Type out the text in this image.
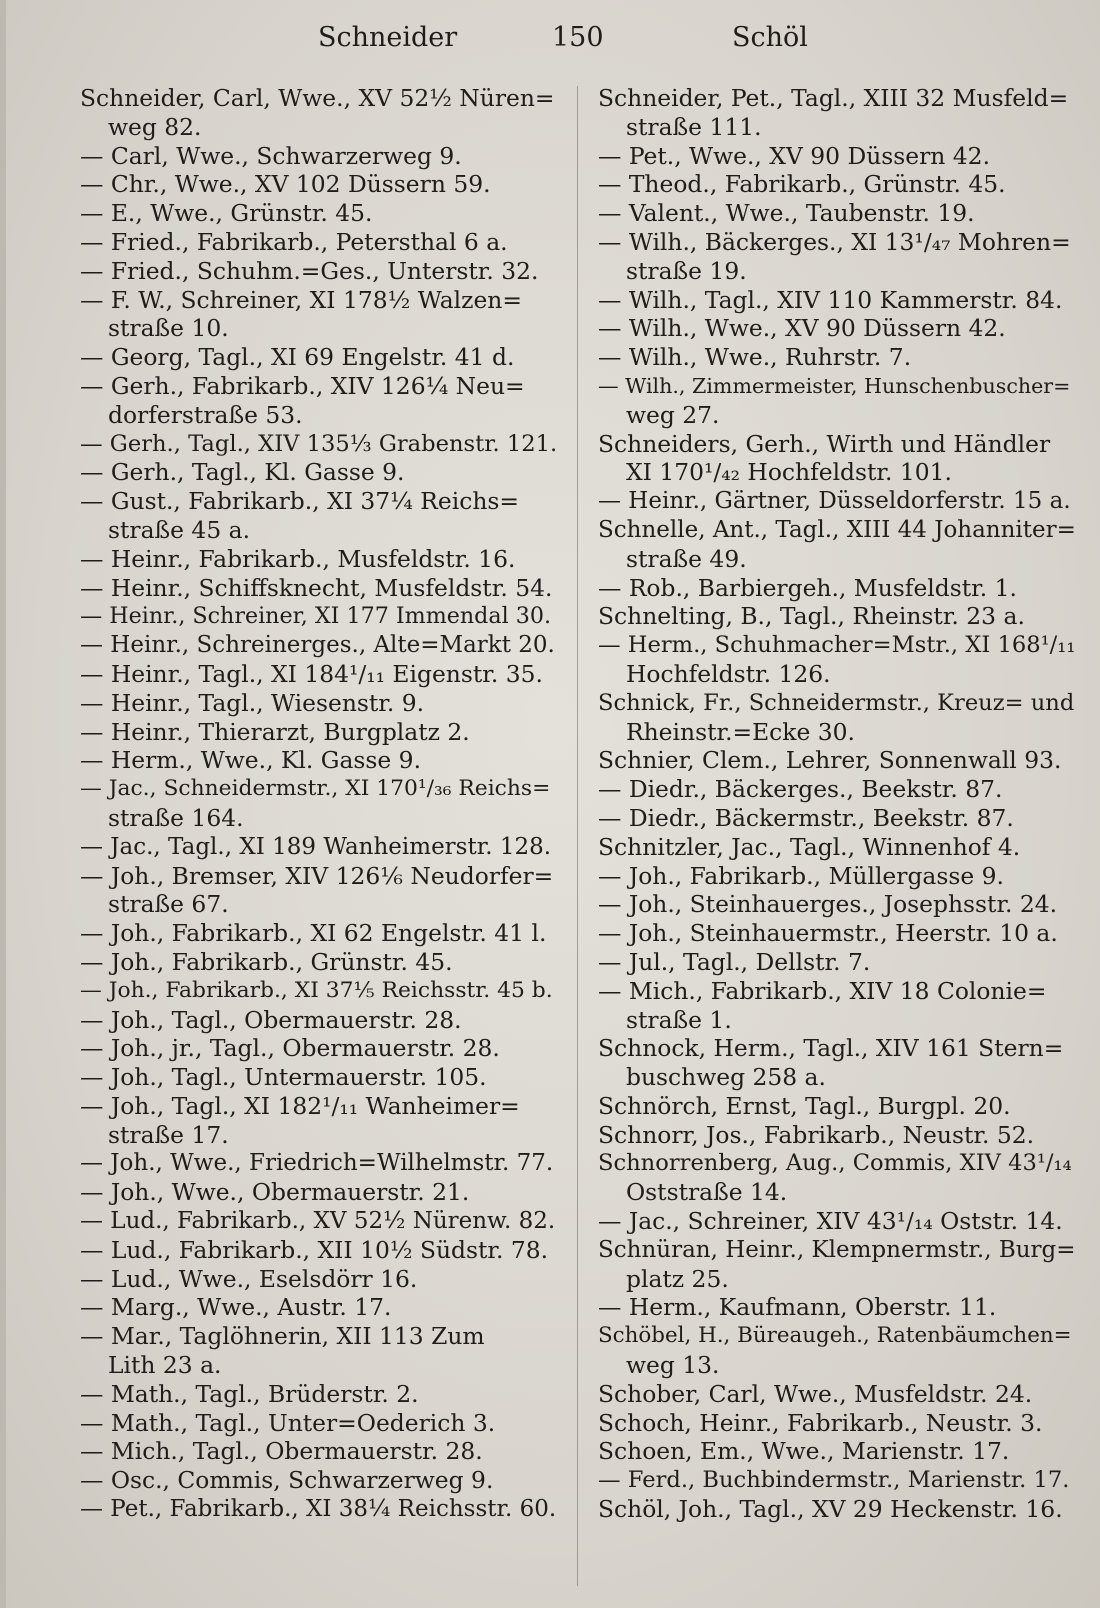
Schneider	150	Schöl
Schneider, Carl, Wwe., XV 52½ Nüren=
weg 82.
— Carl, Wwe., Schwarzerweg 9.
— Chr., Wwe., XV 102 Düssern 59.
— E., Wwe., Grünstr. 45.
— Fried., Fabrikarb., Petersthal 6 a.
— Fried., Schuhm.=Ges., Unterstr. 32.
— F. W., Schreiner, XI 178½ Walzen=
straße 10.
— Georg, Tagl., XI 69 Engelstr. 41 d.
— Gerh., Fabrikarb., XIV 126¼ Neu=
dorferstraße 53.
— Gerh., Tagl., XIV 135⅓ Grabenstr. 121.
— Gerh., Tagl., Kl. Gasse 9.
— Gust., Fabrikarb., XI 37¼ Reichs=
straße 45 a.
— Heinr., Fabrikarb., Musfeldstr. 16.
— Heinr., Schiffsknecht, Musfeldstr. 54.
— Heinr., Schreiner, XI 177 Immendal 30.
— Heinr., Schreinerges., Alte=Markt 20.
— Heinr., Tagl., XI 184¹/₁₁ Eigenstr. 35.
— Heinr., Tagl., Wiesenstr. 9.
— Heinr., Thierarzt, Burgplatz 2.
— Herm., Wwe., Kl. Gasse 9.
— Jac., Schneidermstr., XI 170¹/₃₆ Reichs=
straße 164.
— Jac., Tagl., XI 189 Wanheimerstr. 128.
— Joh., Bremser, XIV 126⅙ Neudorfer=
straße 67.
— Joh., Fabrikarb., XI 62 Engelstr. 41 l.
— Joh., Fabrikarb., Grünstr. 45.
— Joh., Fabrikarb., XI 37⅕ Reichsstr. 45 b.
— Joh., Tagl., Obermauerstr. 28.
— Joh., jr., Tagl., Obermauerstr. 28.
— Joh., Tagl., Untermauerstr. 105.
— Joh., Tagl., XI 182¹/₁₁ Wanheimer=
straße 17.
— Joh., Wwe., Friedrich=Wilhelmstr. 77.
— Joh., Wwe., Obermauerstr. 21.
— Lud., Fabrikarb., XV 52½ Nürenw. 82.
— Lud., Fabrikarb., XII 10½ Südstr. 78.
— Lud., Wwe., Eselsdörr 16.
— Marg., Wwe., Austr. 17.
— Mar., Taglöhnerin, XII 113 Zum
Lith 23 a.
— Math., Tagl., Brüderstr. 2.
— Math., Tagl., Unter=Oederich 3.
— Mich., Tagl., Obermauerstr. 28.
— Osc., Commis, Schwarzerweg 9.
— Pet., Fabrikarb., XI 38¼ Reichsstr. 60.
Schneider, Pet., Tagl., XIII 32 Musfeld=
straße 111.
— Pet., Wwe., XV 90 Düssern 42.
— Theod., Fabrikarb., Grünstr. 45.
— Valent., Wwe., Taubenstr. 19.
— Wilh., Bäckerges., XI 13¹/₄₇ Mohren=
straße 19.
— Wilh., Tagl., XIV 110 Kammerstr. 84.
— Wilh., Wwe., XV 90 Düssern 42.
— Wilh., Wwe., Ruhrstr. 7.
— Wilh., Zimmermeister, Hunschenbuscher=
weg 27.
Schneiders, Gerh., Wirth und Händler
XI 170¹/₄₂ Hochfeldstr. 101.
— Heinr., Gärtner, Düsseldorferstr. 15 a.
Schnelle, Ant., Tagl., XIII 44 Johanniter=
straße 49.
— Rob., Barbiergeh., Musfeldstr. 1.
Schnelting, B., Tagl., Rheinstr. 23 a.
— Herm., Schuhmacher=Mstr., XI 168¹/₁₁
Hochfeldstr. 126.
Schnick, Fr., Schneidermstr., Kreuz= und
Rheinstr.=Ecke 30.
Schnier, Clem., Lehrer, Sonnenwall 93.
— Diedr., Bäckerges., Beekstr. 87.
— Diedr., Bäckermstr., Beekstr. 87.
Schnitzler, Jac., Tagl., Winnenhof 4.
— Joh., Fabrikarb., Müllergasse 9.
— Joh., Steinhauerges., Josephsstr. 24.
— Joh., Steinhauermstr., Heerstr. 10 a.
— Jul., Tagl., Dellstr. 7.
— Mich., Fabrikarb., XIV 18 Colonie=
straße 1.
Schnock, Herm., Tagl., XIV 161 Stern=
buschweg 258 a.
Schnörch, Ernst, Tagl., Burgpl. 20.
Schnorr, Jos., Fabrikarb., Neustr. 52.
Schnorrenberg, Aug., Commis, XIV 43¹/₁₄
Oststraße 14.
— Jac., Schreiner, XIV 43¹/₁₄ Oststr. 14.
Schnüran, Heinr., Klempnermstr., Burg=
platz 25.
— Herm., Kaufmann, Oberstr. 11.
Schöbel, H., Büreaugeh., Ratenbäumchen=
weg 13.
Schober, Carl, Wwe., Musfeldstr. 24.
Schoch, Heinr., Fabrikarb., Neustr. 3.
Schoen, Em., Wwe., Marienstr. 17.
— Ferd., Buchbindermstr., Marienstr. 17.
Schöl, Joh., Tagl., XV 29 Heckenstr. 16.
